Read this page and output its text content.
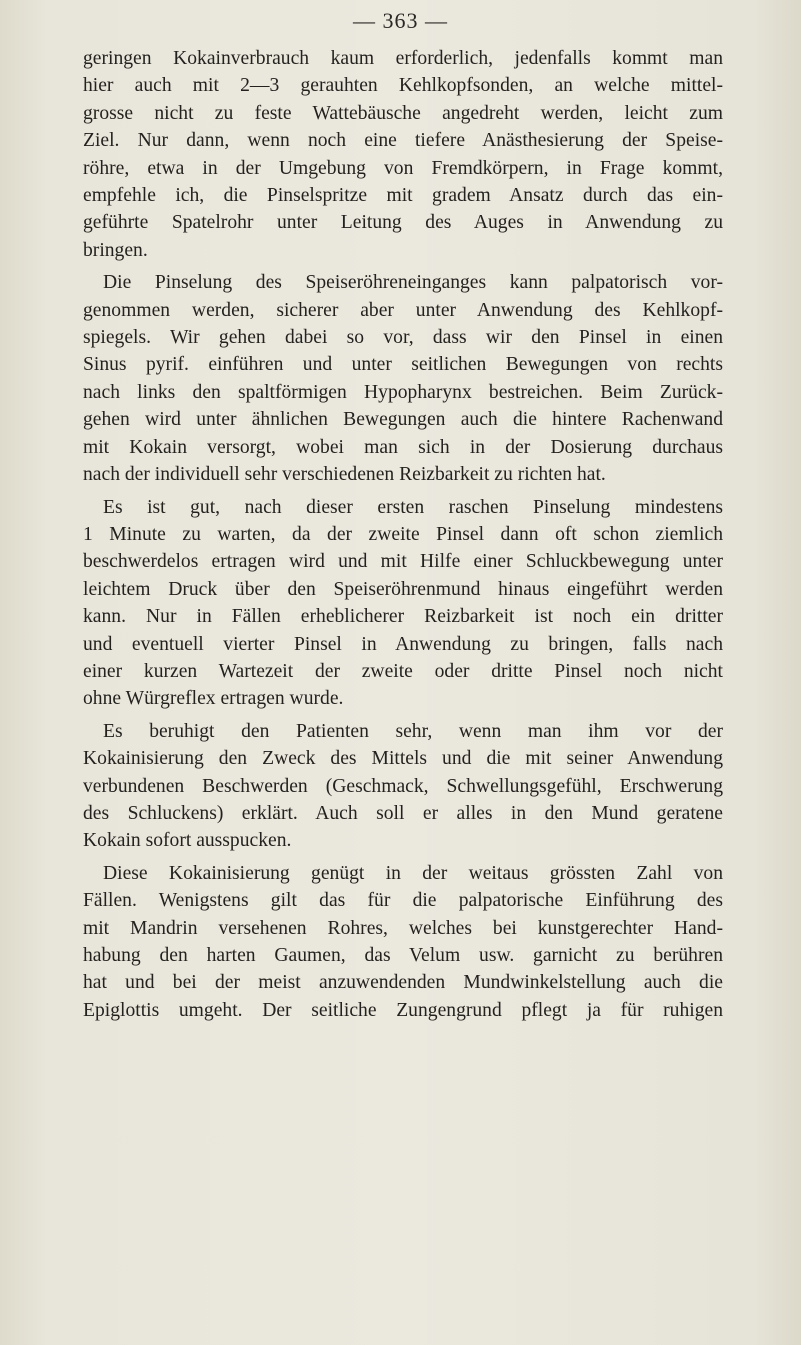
— 363 —

geringen Kokainverbrauch kaum erforderlich, jedenfalls kommt man
hier auch mit 2—3 gerauhten Kehlkopfsonden, an welche mittel-
grosse nicht zu feste Wattebäusche angedreht werden, leicht zum
Ziel. Nur dann, wenn noch eine tiefere Anästhesierung der Speise-
röhre, etwa in der Umgebung von Fremdkörpern, in Frage kommt,
empfehle ich, die Pinselspritze mit gradem Ansatz durch das ein-
geführte Spatelrohr unter Leitung des Auges in Anwendung zu
bringen.

Die Pinselung des Speiseröhreneinganges kann palpatorisch vor-
genommen werden, sicherer aber unter Anwendung des Kehlkopf-
spiegels. Wir gehen dabei so vor, dass wir den Pinsel in einen
Sinus pyrif. einführen und unter seitlichen Bewegungen von rechts
nach links den spaltförmigen Hypopharynx bestreichen. Beim Zurück-
gehen wird unter ähnlichen Bewegungen auch die hintere Rachenwand
mit Kokain versorgt, wobei man sich in der Dosierung durchaus
nach der individuell sehr verschiedenen Reizbarkeit zu richten hat.

Es ist gut, nach dieser ersten raschen Pinselung mindestens
1 Minute zu warten, da der zweite Pinsel dann oft schon ziemlich
beschwerdelos ertragen wird und mit Hilfe einer Schluckbewegung unter
leichtem Druck über den Speiseröhrenmund hinaus eingeführt werden
kann. Nur in Fällen erheblicherer Reizbarkeit ist noch ein dritter
und eventuell vierter Pinsel in Anwendung zu bringen, falls nach
einer kurzen Wartezeit der zweite oder dritte Pinsel noch nicht
ohne Würgreflex ertragen wurde.

Es beruhigt den Patienten sehr, wenn man ihm vor der
Kokainisierung den Zweck des Mittels und die mit seiner Anwendung
verbundenen Beschwerden (Geschmack, Schwellungsgefühl, Erschwerung
des Schluckens) erklärt. Auch soll er alles in den Mund geratene
Kokain sofort ausspucken.

Diese Kokainisierung genügt in der weitaus grössten Zahl von
Fällen. Wenigstens gilt das für die palpatorische Einführung des
mit Mandrin versehenen Rohres, welches bei kunstgerechter Hand-
habung den harten Gaumen, das Velum usw. garnicht zu berühren
hat und bei der meist anzuwendenden Mundwinkelstellung auch die
Epiglottis umgeht. Der seitliche Zungengrund pflegt ja für ruhigen
